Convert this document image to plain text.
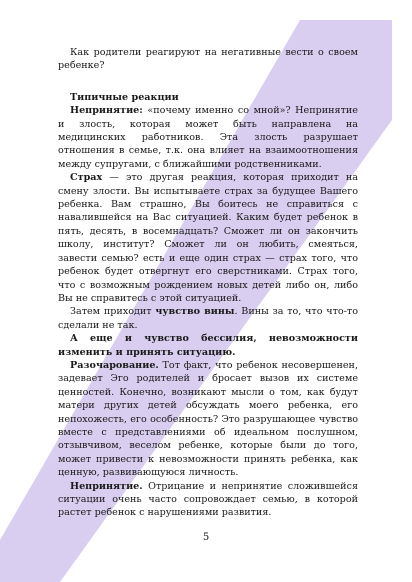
Как родители реагируют на негативные вести о своем ребенке?

Типичные реакции

Непринятие: «почему именно со мной»? Непринятие и злость, которая может быть направлена на медицинских работников. Эта злость разрушает отношения в семье, т.к. она влияет на взаимоотношения между супругами, с ближайшими родственниками.

Страх — это другая реакция, которая приходит на смену злости. Вы испытываете страх за будущее Вашего ребенка. Вам страшно, Вы боитесь не справиться с навалившейся на Вас ситуацией. Каким будет ребенок в пять, десять, в восемнадцать? Сможет ли он закончить школу, институт? Сможет ли он любить, смеяться, завести семью? есть и еще один страх — страх того, что ребенок будет отвергнут его сверстниками. Страх того, что с возможным рождением новых детей либо он, либо Вы не справитесь с этой ситуацией.

Затем приходит чувство вины. Вины за то, что что-то сделали не так.

А еще и чувство бессилия, невозможности изменить и принять ситуацию.

Разочарование. Тот факт, что ребенок несовершенен, задевает Эго родителей и бросает вызов их системе ценностей. Конечно, возникают мысли о том, как будут матери других детей обсуждать моего ребенка, его непохожесть, его особенность? Это разрушающее чувство вместе с представлениями об идеальном послушном, отзывчивом, веселом ребенке, которые были до того, может привести к невозможности принять ребенка, как ценную, развивающуюся личность.

Непринятие. Отрицание и непринятие сложившейся ситуации очень часто сопровождает семью, в которой растет ребенок с нарушениями развития.

5
